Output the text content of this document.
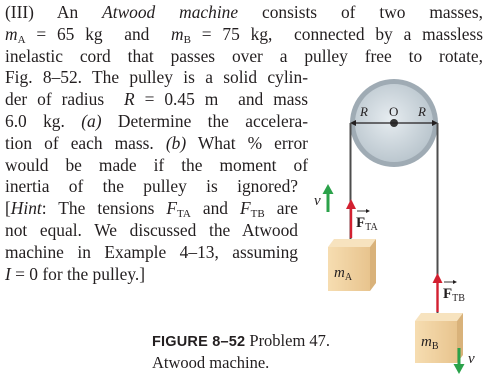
(III) An Atwood machine consists of two masses,
$m_A = 65$ kg  and  $m_B = 75$ kg,  connected by a massless
inelastic cord that passes over a pulley free to rotate,
Fig. 8–52. The pulley is a solid cylin-
der of radius  R = 0.45 m  and mass
6.0 kg. (a) Determine the accelera-
tion of each mass. (b) What % error
would be made if the moment of
inertia of the pulley is ignored?
[Hint: The tensions $F_{TA}$ and $F_{TB}$ are
not equal. We discussed the Atwood
machine in Example 4–13, assuming
I = 0 for the pulley.]
R O R
$m_A$
$m_B$
$F_{TA}$
$F_{TB}$
v
v
FIGURE 8–52 Problem 47.
Atwood machine.
